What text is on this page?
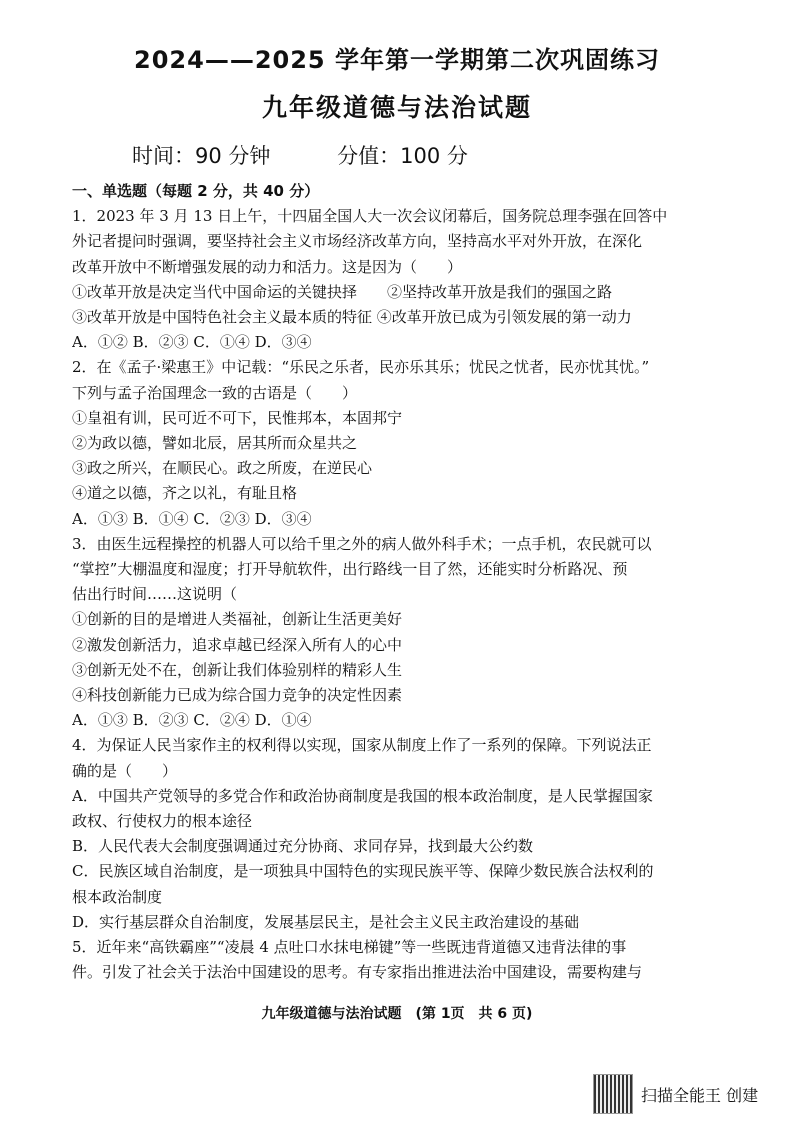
2024——2025 学年第一学期第二次巩固练习
九年级道德与法治试题
时间：90 分钟	分值：100 分
一、单选题（每题 2 分，共 40 分）
1．2023 年 3 月 13 日上午，十四届全国人大一次会议闭幕后，国务院总理李强在回答中
外记者提问时强调，要坚持社会主义市场经济改革方向，坚持高水平对外开放，在深化
改革开放中不断增强发展的动力和活力。这是因为（　　）
①改革开放是决定当代中国命运的关键抉择　　②坚持改革开放是我们的强国之路
③改革开放是中国特色社会主义最本质的特征 ④改革开放已成为引领发展的第一动力
A．①② B．②③ C．①④ D．③④
2．在《孟子·梁惠王》中记载：“乐民之乐者，民亦乐其乐；忧民之忧者，民亦忧其忧。”
下列与孟子治国理念一致的古语是（　　）
①皇祖有训，民可近不可下，民惟邦本，本固邦宁
②为政以德，譬如北辰，居其所而众星共之
③政之所兴，在顺民心。政之所废，在逆民心
④道之以德，齐之以礼，有耻且格
A．①③ B．①④ C．②③ D．③④
3．由医生远程操控的机器人可以给千里之外的病人做外科手术；一点手机，农民就可以
“掌控”大棚温度和湿度；打开导航软件，出行路线一目了然，还能实时分析路况、预
估出行时间……这说明（
①创新的目的是增进人类福祉，创新让生活更美好
②激发创新活力，追求卓越已经深入所有人的心中
③创新无处不在，创新让我们体验别样的精彩人生
④科技创新能力已成为综合国力竞争的决定性因素
A．①③ B．②③ C．②④ D．①④
4．为保证人民当家作主的权利得以实现，国家从制度上作了一系列的保障。下列说法正
确的是（　　）
A．中国共产党领导的多党合作和政治协商制度是我国的根本政治制度，是人民掌握国家
政权、行使权力的根本途径
B．人民代表大会制度强调通过充分协商、求同存异，找到最大公约数
C．民族区域自治制度，是一项独具中国特色的实现民族平等、保障少数民族合法权利的
根本政治制度
D．实行基层群众自治制度，发展基层民主，是社会主义民主政治建设的基础
5．近年来“高铁霸座”“凌晨 4 点吐口水抹电梯键”等一些既违背道德又违背法律的事
件。引发了社会关于法治中国建设的思考。有专家指出推进法治中国建设，需要构建与
九年级道德与法治试题　(第 1页　共 6 页)
扫描全能王 创建
